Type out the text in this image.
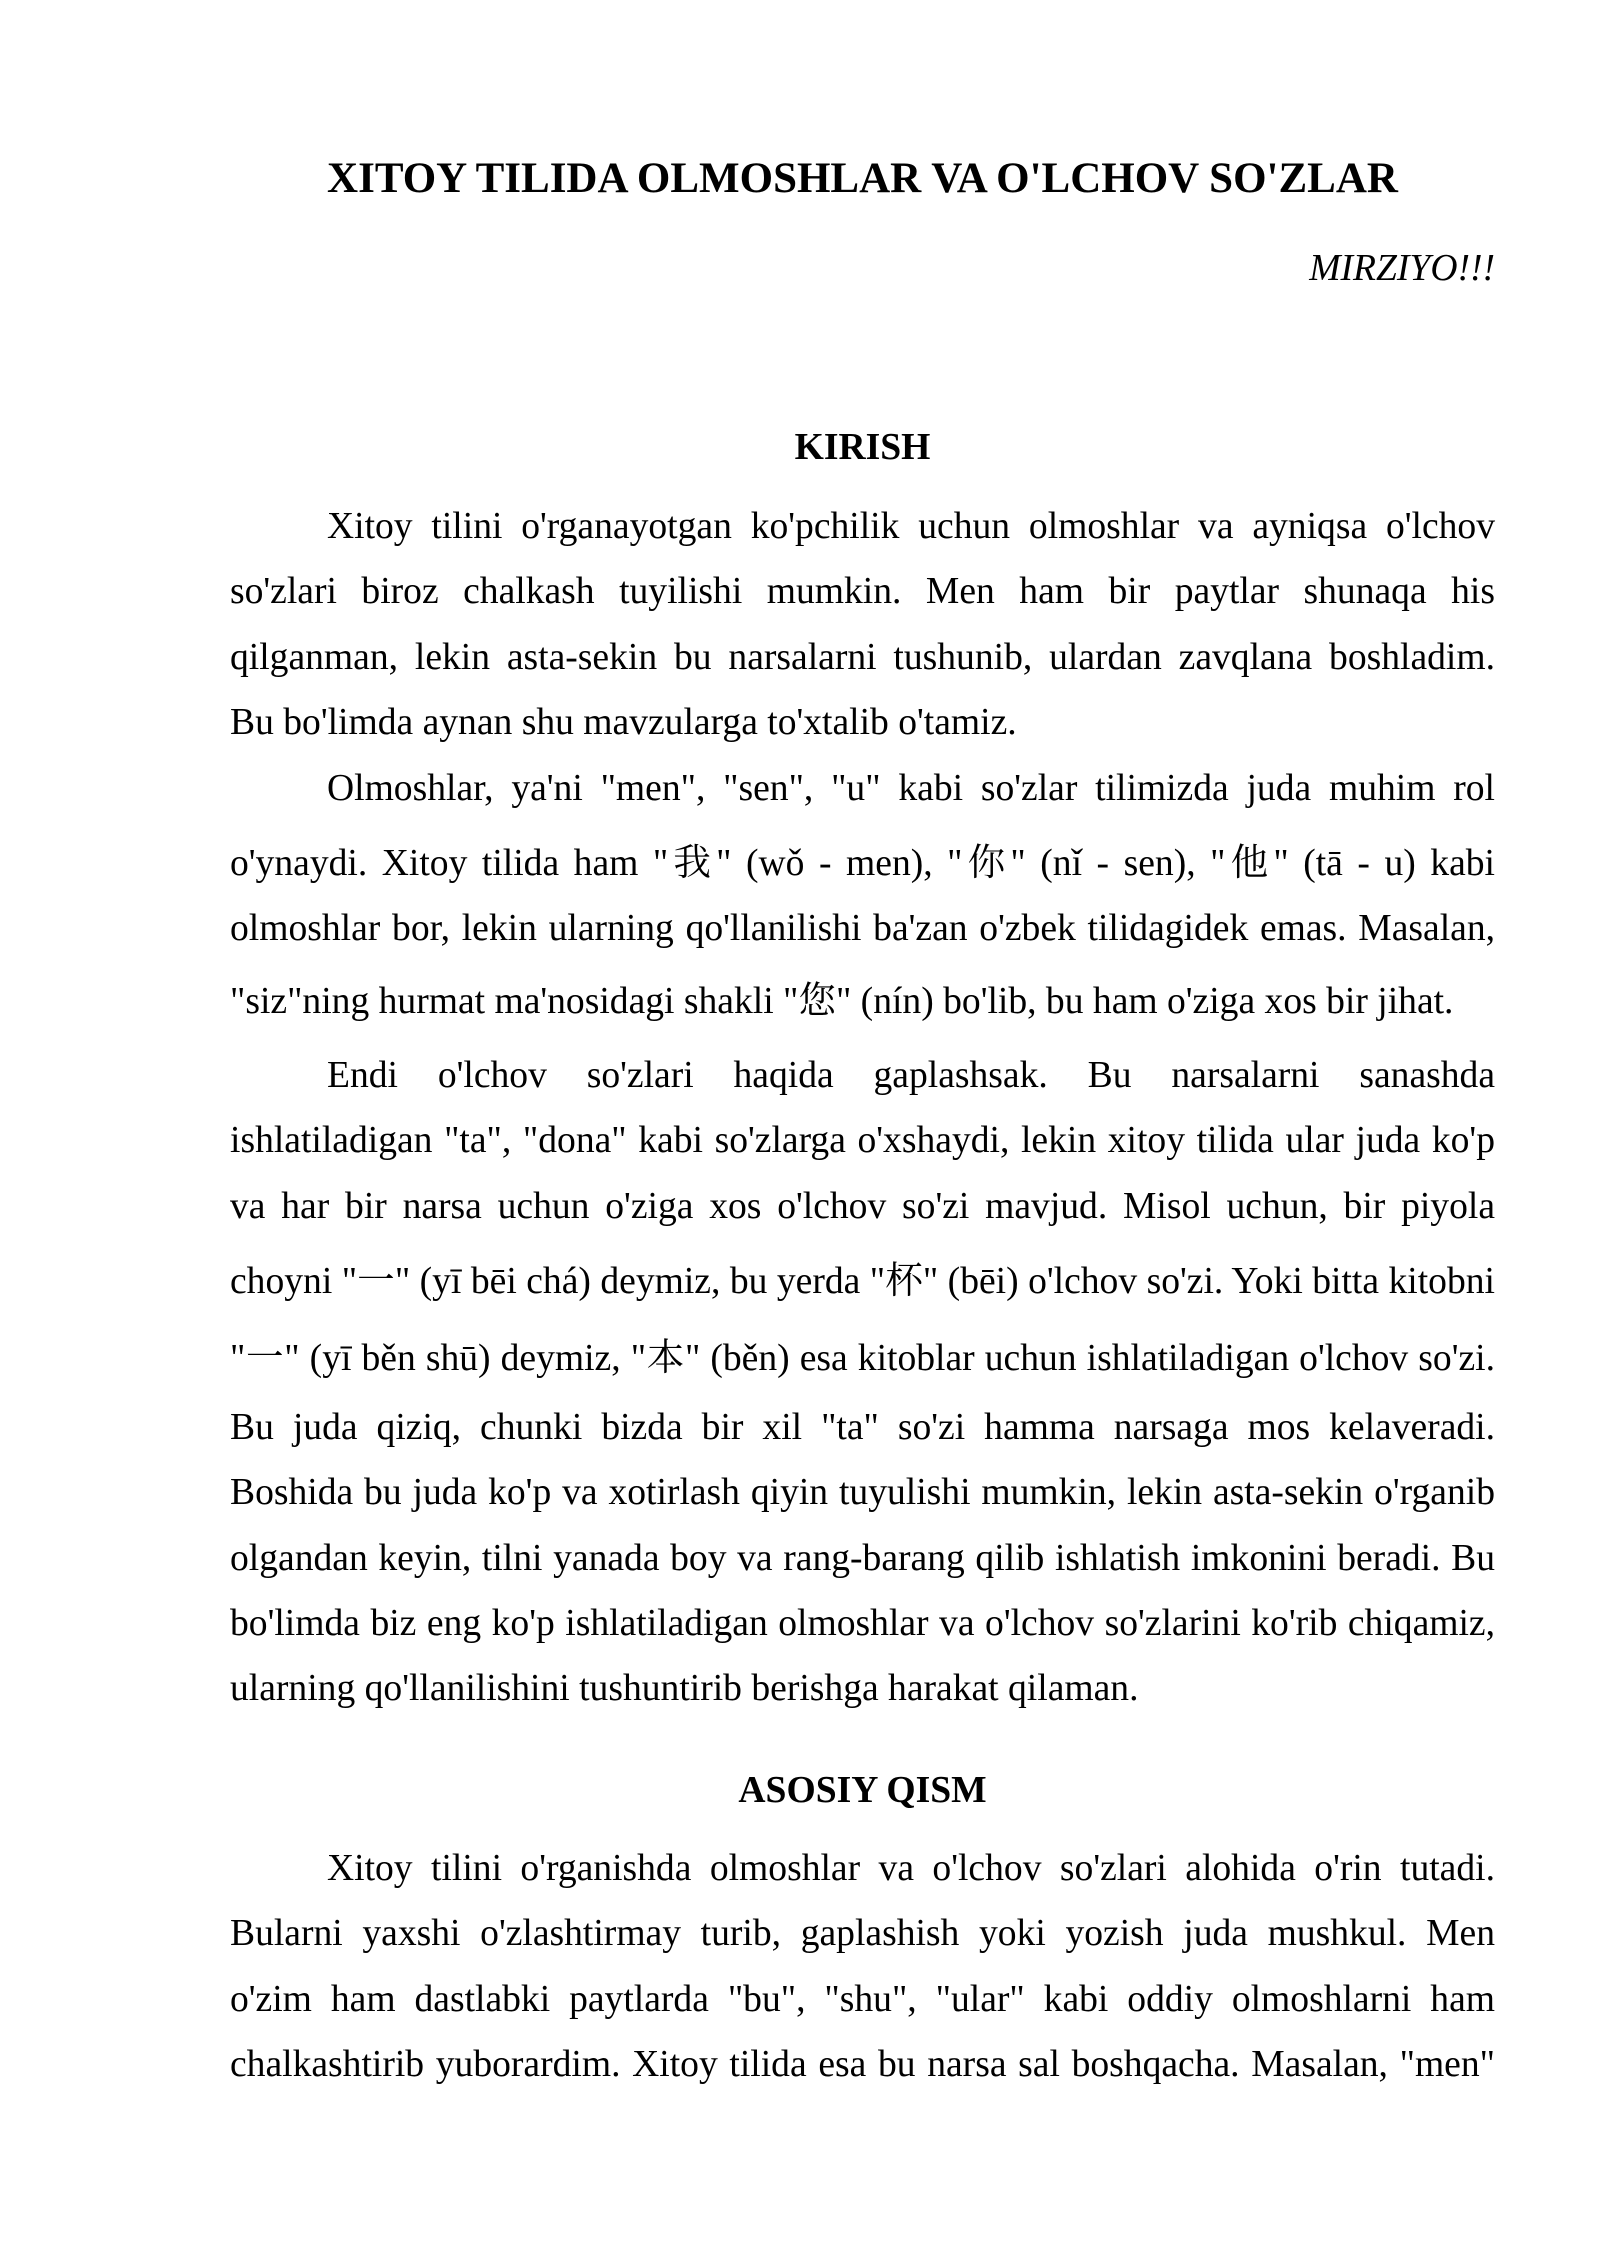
XITOY TILIDA OLMOSHLAR VA O'LCHOV SO'ZLAR
MIRZIYO!!!
KIRISH
Xitoy tilini o'rganayotgan ko'pchilik uchun olmoshlar va ayniqsa o'lchov
so'zlari biroz chalkash tuyilishi mumkin. Men ham bir paytlar shunaqa his
qilganman, lekin asta-sekin bu narsalarni tushunib, ulardan zavqlana boshladim.
Bu bo'limda aynan shu mavzularga to'xtalib o'tamiz.
Olmoshlar, ya'ni "men", "sen", "u" kabi so'zlar tilimizda juda muhim rol
o'ynaydi. Xitoy tilida ham "我" (wǒ - men), "你" (nǐ - sen), "他" (tā - u) kabi
olmoshlar bor, lekin ularning qo'llanilishi ba'zan o'zbek tilidagidek emas. Masalan,
"siz"ning hurmat ma'nosidagi shakli "您" (nín) bo'lib, bu ham o'ziga xos bir jihat.
Endi o'lchov so'zlari haqida gaplashsak. Bu narsalarni sanashda
ishlatiladigan "ta", "dona" kabi so'zlarga o'xshaydi, lekin xitoy tilida ular juda ko'p
va har bir narsa uchun o'ziga xos o'lchov so'zi mavjud. Misol uchun, bir piyola
choyni "一" (yī bēi chá) deymiz, bu yerda "杯" (bēi) o'lchov so'zi. Yoki bitta kitobni
"一" (yī běn shū) deymiz, "本" (běn) esa kitoblar uchun ishlatiladigan o'lchov so'zi.
Bu juda qiziq, chunki bizda bir xil "ta" so'zi hamma narsaga mos kelaveradi.
Boshida bu juda ko'p va xotirlash qiyin tuyulishi mumkin, lekin asta-sekin o'rganib
olgandan keyin, tilni yanada boy va rang-barang qilib ishlatish imkonini beradi. Bu
bo'limda biz eng ko'p ishlatiladigan olmoshlar va o'lchov so'zlarini ko'rib chiqamiz,
ularning qo'llanilishini tushuntirib berishga harakat qilaman.
ASOSIY QISM
Xitoy tilini o'rganishda olmoshlar va o'lchov so'zlari alohida o'rin tutadi.
Bularni yaxshi o'zlashtirmay turib, gaplashish yoki yozish juda mushkul. Men
o'zim ham dastlabki paytlarda "bu", "shu", "ular" kabi oddiy olmoshlarni ham
chalkashtirib yuborardim. Xitoy tilida esa bu narsa sal boshqacha. Masalan, "men"
